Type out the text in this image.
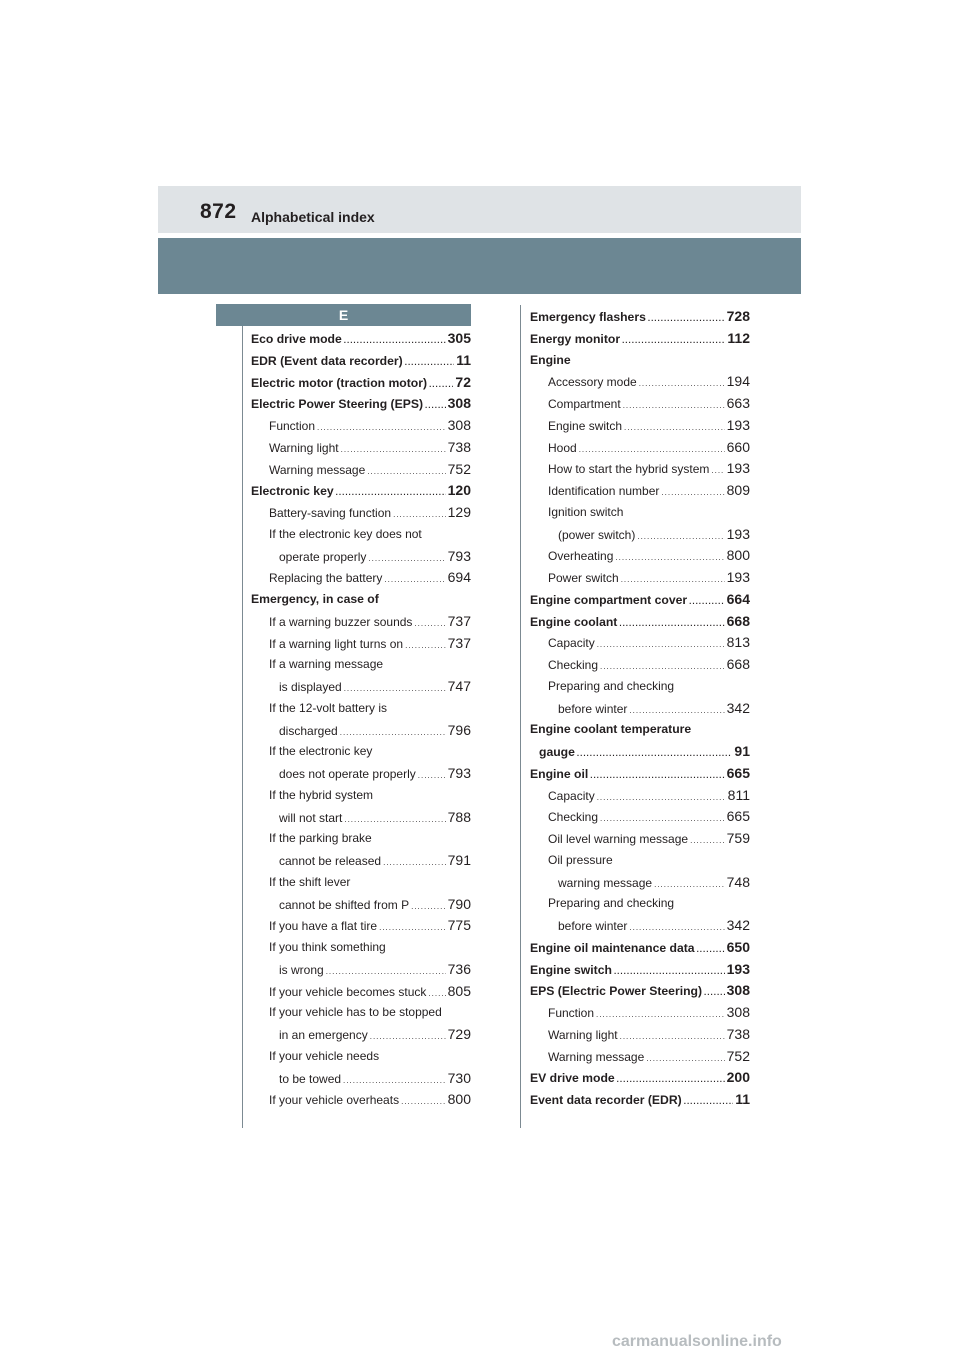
872 Alphabetical index
E
Eco drive mode .....	305
EDR (Event data recorder) .....	11
Electric motor (traction motor) ..... 72
Electric Power Steering (EPS) ..... 308
Function .....	308
Warning light .....	738
Warning message .....	752
Electronic key .....	120
Battery-saving function .....	129
If the electronic key does not
operate properly .....	793
Replacing the battery .....	694
Emergency, in case of
If a warning buzzer sounds .....	737
If a warning light turns on .....	737
If a warning message
is displayed .....	747
If the 12-volt battery is
discharged .....	796
If the electronic key
does not operate properly ..... 793
If the hybrid system
will not start .....	788
If the parking brake
cannot be released .....	791
If the shift lever
cannot be shifted from P .....	790
If you have a flat tire .....	775
If you think something
is wrong .....	736
If your vehicle becomes stuck ..... 805
If your vehicle has to be stopped
in an emergency .....	729
If your vehicle needs
to be towed .....	730
If your vehicle overheats .....	800
Emergency flashers .....	728
Energy monitor .....	112
Engine
Accessory mode .....	194
Compartment .....	663
Engine switch .....	193
Hood .....	660
How to start the hybrid system ..... 193
Identification number .....	809
Ignition switch
(power switch) .....	193
Overheating .....	800
Power switch .....	193
Engine compartment cover .....	664
Engine coolant .....	668
Capacity .....	813
Checking .....	668
Preparing and checking
before winter .....	342
Engine coolant temperature
gauge .....	91
Engine oil .....	665
Capacity .....	811
Checking .....	665
Oil level warning message .....	759
Oil pressure
warning message .....	748
Preparing and checking
before winter .....	342
Engine oil maintenance data ..... 650
Engine switch .....	193
EPS (Electric Power Steering) ..... 308
Function .....	308
Warning light .....	738
Warning message .....	752
EV drive mode .....	200
Event data recorder (EDR) .....	11
carmanualsonline.info
